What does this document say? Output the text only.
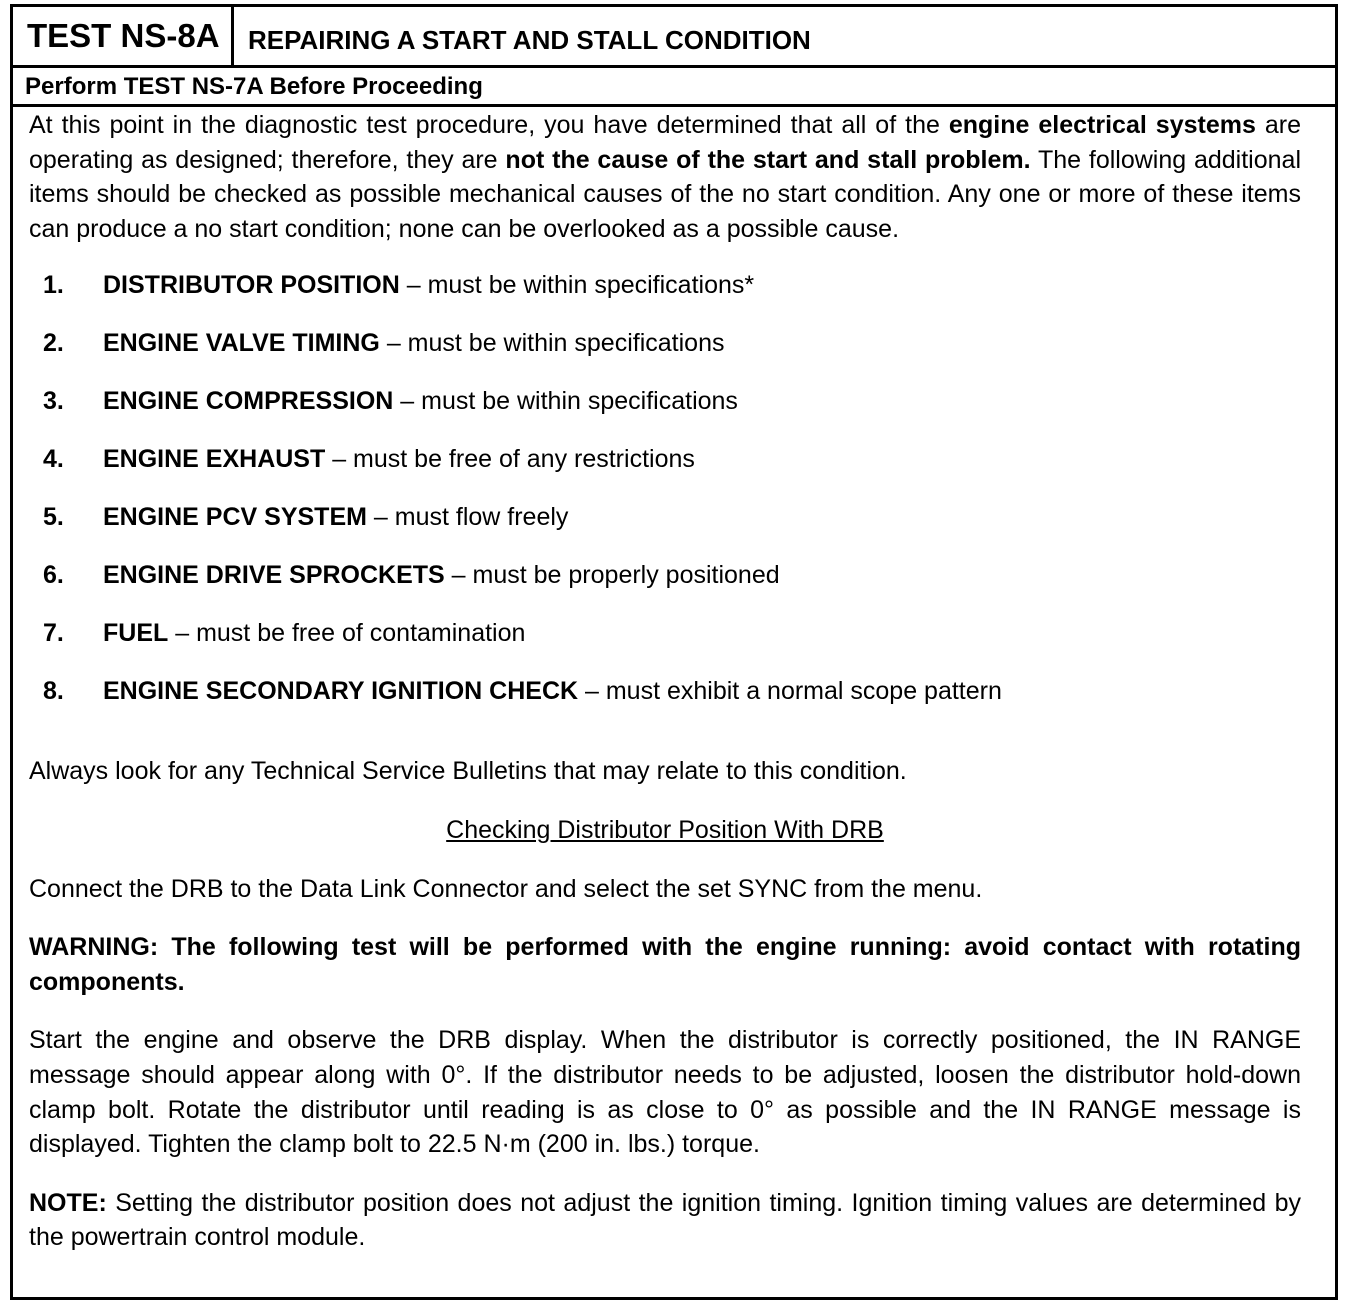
TEST NS-8A	REPAIRING A START AND STALL CONDITION
Perform TEST NS-7A Before Proceeding

At this point in the diagnostic test procedure, you have determined that all of the engine electrical systems are operating as designed; therefore, they are not the cause of the start and stall problem. The following additional items should be checked as possible mechanical causes of the no start condition. Any one or more of these items can produce a no start condition; none can be overlooked as a possible cause.

1.	DISTRIBUTOR POSITION – must be within specifications*
2.	ENGINE VALVE TIMING – must be within specifications
3.	ENGINE COMPRESSION – must be within specifications
4.	ENGINE EXHAUST – must be free of any restrictions
5.	ENGINE PCV SYSTEM – must flow freely
6.	ENGINE DRIVE SPROCKETS – must be properly positioned
7.	FUEL – must be free of contamination
8.	ENGINE SECONDARY IGNITION CHECK – must exhibit a normal scope pattern

Always look for any Technical Service Bulletins that may relate to this condition.

Checking Distributor Position With DRB

Connect the DRB to the Data Link Connector and select the set SYNC from the menu.

WARNING: The following test will be performed with the engine running: avoid contact with rotating components.

Start the engine and observe the DRB display. When the distributor is correctly positioned, the IN RANGE message should appear along with 0°. If the distributor needs to be adjusted, loosen the distributor hold-down clamp bolt. Rotate the distributor until reading is as close to 0° as possible and the IN RANGE message is displayed. Tighten the clamp bolt to 22.5 N·m (200 in. lbs.) torque.

NOTE: Setting the distributor position does not adjust the ignition timing. Ignition timing values are determined by the powertrain control module.
